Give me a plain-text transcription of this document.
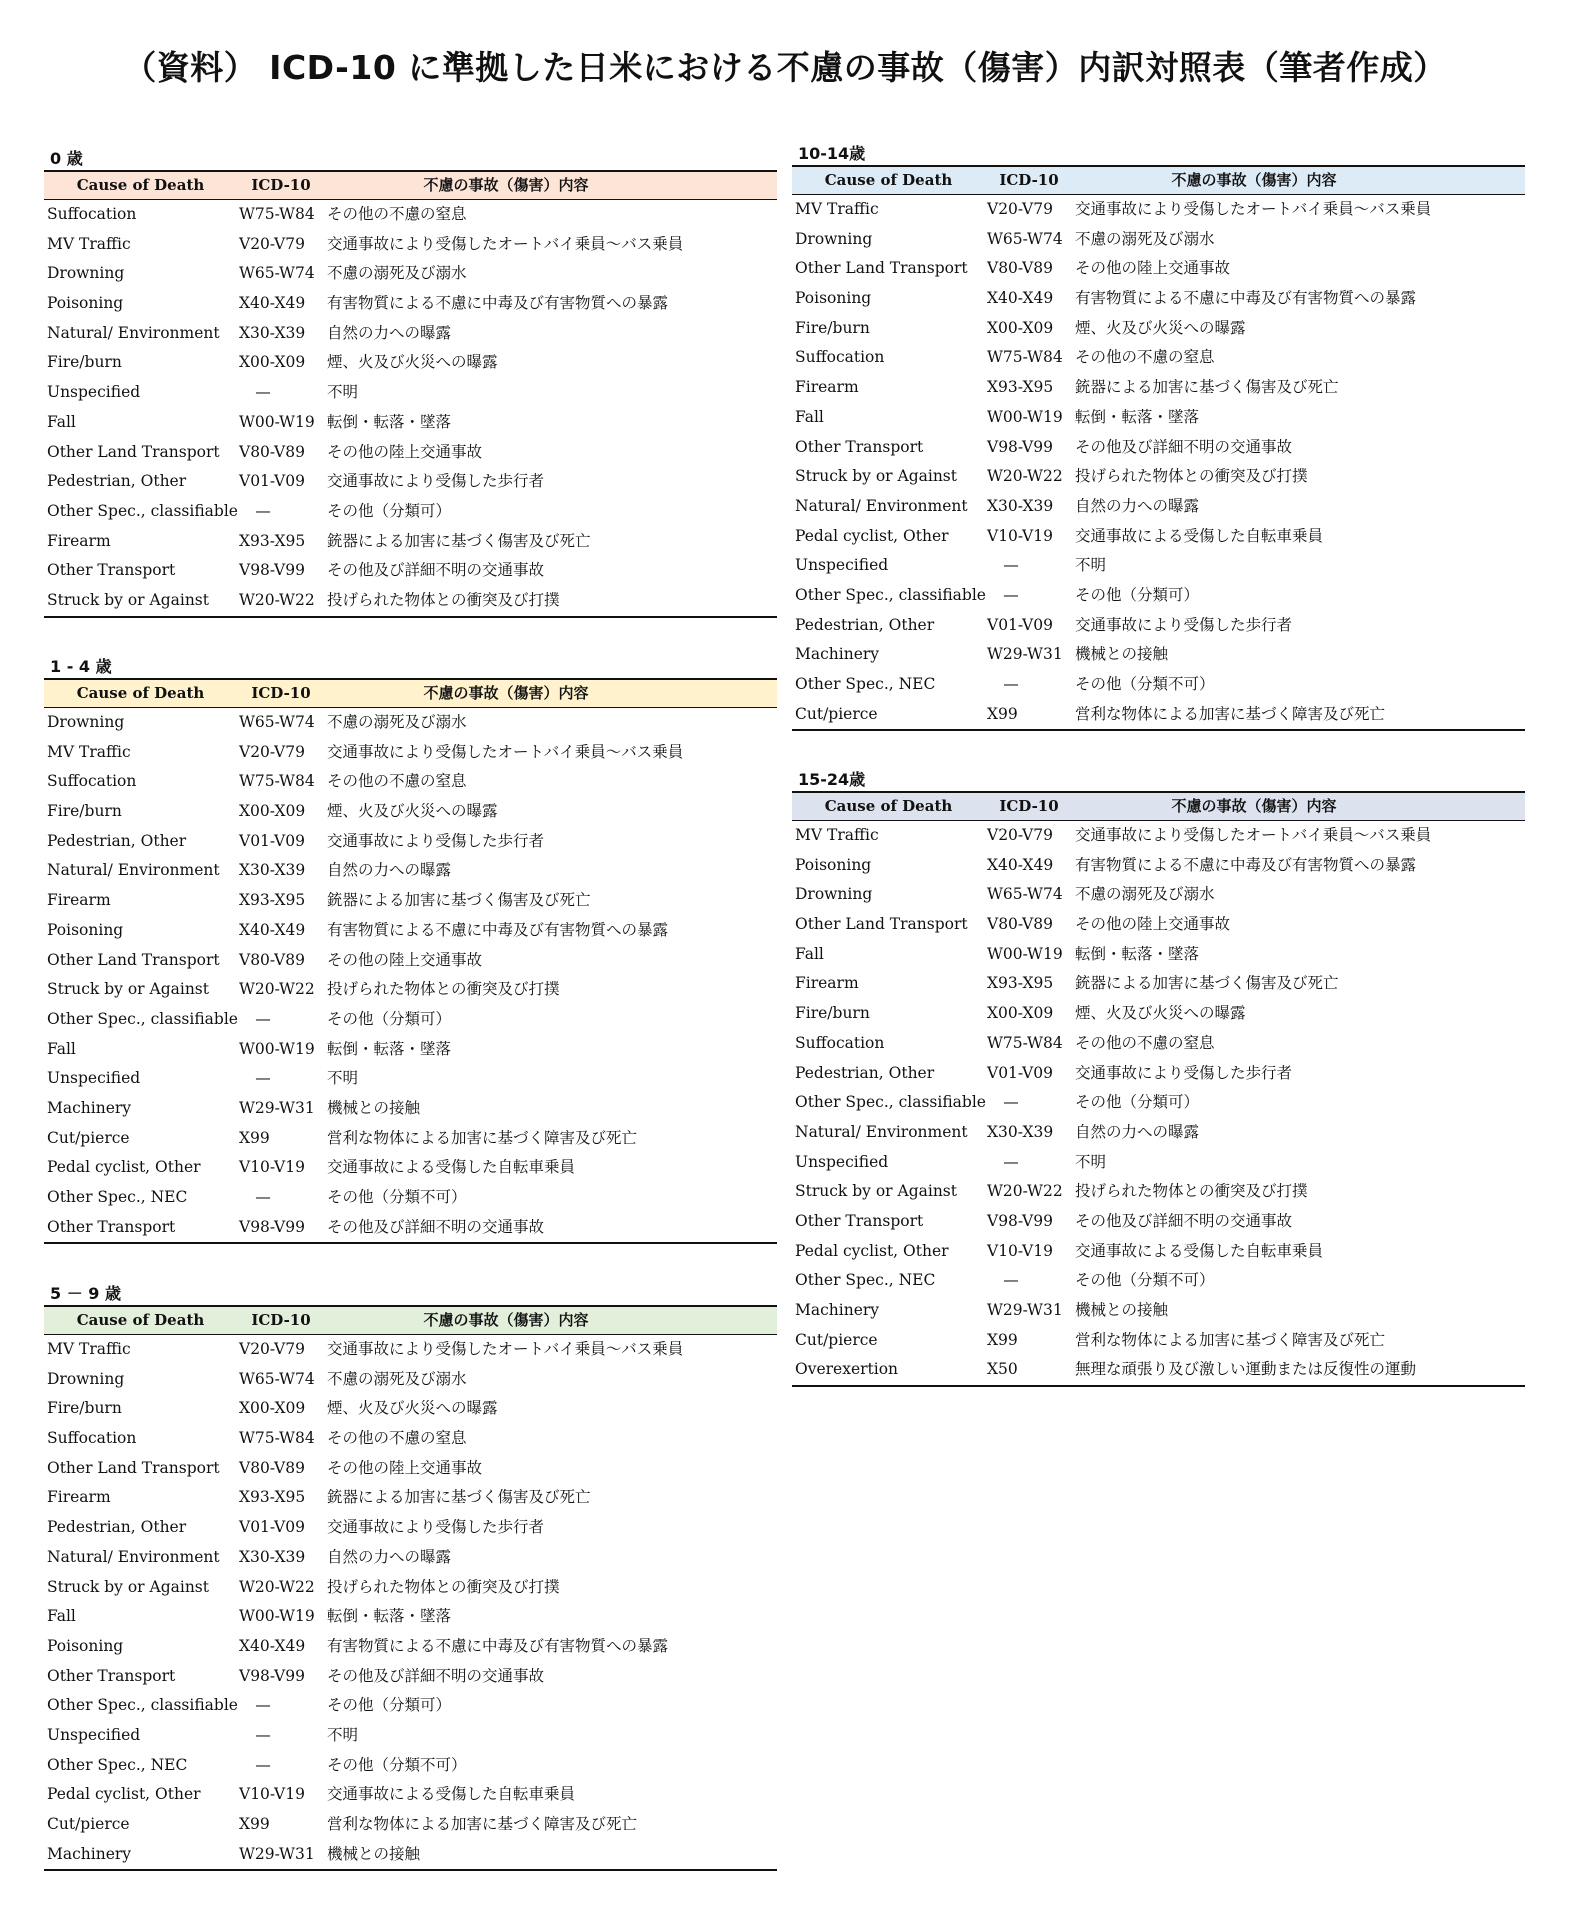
（資料） ICD-10 に準拠した日米における不慮の事故（傷害）内訳対照表（筆者作成）
0 歳
Cause of Death	ICD-10	不慮の事故（傷害）内容
Suffocation	W75-W84 その他の不慮の窒息
MV Traffic	V20-V79	交通事故により受傷したオートバイ乗員～バス乗員
Drowning	W65-W74 不慮の溺死及び溺水
Poisoning	X40-X49	有害物質による不慮に中毒及び有害物質への暴露
Natural/ Environment	X30-X39	自然の力への曝露
Fire/burn	X00-X09	煙、火及び火災への曝露
Unspecified	—	不明
Fall	W00-W19 転倒・転落・墜落
Other Land Transport	V80-V89	その他の陸上交通事故
Pedestrian, Other	V01-V09	交通事故により受傷した歩行者
Other Spec., classifiable	—	その他（分類可）
Firearm	X93-X95	銃器による加害に基づく傷害及び死亡
Other Transport	V98-V99	その他及び詳細不明の交通事故
Struck by or Against	W20-W22 投げられた物体との衝突及び打撲
1 - 4 歳
Cause of Death	ICD-10	不慮の事故（傷害）内容
Drowning	W65-W74 不慮の溺死及び溺水
MV Traffic	V20-V79	交通事故により受傷したオートバイ乗員～バス乗員
Suffocation	W75-W84 その他の不慮の窒息
Fire/burn	X00-X09	煙、火及び火災への曝露
Pedestrian, Other	V01-V09	交通事故により受傷した歩行者
Natural/ Environment	X30-X39	自然の力への曝露
Firearm	X93-X95	銃器による加害に基づく傷害及び死亡
Poisoning	X40-X49	有害物質による不慮に中毒及び有害物質への暴露
Other Land Transport	V80-V89	その他の陸上交通事故
Struck by or Against	W20-W22 投げられた物体との衝突及び打撲
Other Spec., classifiable	—	その他（分類可）
Fall	W00-W19 転倒・転落・墜落
Unspecified	—	不明
Machinery	W29-W31 機械との接触
Cut/pierce	X99	営利な物体による加害に基づく障害及び死亡
Pedal cyclist, Other	V10-V19	交通事故による受傷した自転車乗員
Other Spec., NEC	—	その他（分類不可）
Other Transport	V98-V99	その他及び詳細不明の交通事故
5 － 9 歳
Cause of Death	ICD-10	不慮の事故（傷害）内容
MV Traffic	V20-V79	交通事故により受傷したオートバイ乗員～バス乗員
Drowning	W65-W74 不慮の溺死及び溺水
Fire/burn	X00-X09	煙、火及び火災への曝露
Suffocation	W75-W84 その他の不慮の窒息
Other Land Transport	V80-V89	その他の陸上交通事故
Firearm	X93-X95	銃器による加害に基づく傷害及び死亡
Pedestrian, Other	V01-V09	交通事故により受傷した歩行者
Natural/ Environment	X30-X39	自然の力への曝露
Struck by or Against	W20-W22 投げられた物体との衝突及び打撲
Fall	W00-W19 転倒・転落・墜落
Poisoning	X40-X49	有害物質による不慮に中毒及び有害物質への暴露
Other Transport	V98-V99	その他及び詳細不明の交通事故
Other Spec., classifiable	—	その他（分類可）
Unspecified	—	不明
Other Spec., NEC	—	その他（分類不可）
Pedal cyclist, Other	V10-V19	交通事故による受傷した自転車乗員
Cut/pierce	X99	営利な物体による加害に基づく障害及び死亡
Machinery	W29-W31 機械との接触
10-14歳
Cause of Death	ICD-10	不慮の事故（傷害）内容
MV Traffic	V20-V79	交通事故により受傷したオートバイ乗員～バス乗員
Drowning	W65-W74 不慮の溺死及び溺水
Other Land Transport	V80-V89	その他の陸上交通事故
Poisoning	X40-X49	有害物質による不慮に中毒及び有害物質への暴露
Fire/burn	X00-X09	煙、火及び火災への曝露
Suffocation	W75-W84 その他の不慮の窒息
Firearm	X93-X95	銃器による加害に基づく傷害及び死亡
Fall	W00-W19 転倒・転落・墜落
Other Transport	V98-V99	その他及び詳細不明の交通事故
Struck by or Against	W20-W22 投げられた物体との衝突及び打撲
Natural/ Environment	X30-X39	自然の力への曝露
Pedal cyclist, Other	V10-V19	交通事故による受傷した自転車乗員
Unspecified	—	不明
Other Spec., classifiable	—	その他（分類可）
Pedestrian, Other	V01-V09	交通事故により受傷した歩行者
Machinery	W29-W31 機械との接触
Other Spec., NEC	—	その他（分類不可）
Cut/pierce	X99	営利な物体による加害に基づく障害及び死亡
15-24歳
Cause of Death	ICD-10	不慮の事故（傷害）内容
MV Traffic	V20-V79	交通事故により受傷したオートバイ乗員～バス乗員
Poisoning	X40-X49	有害物質による不慮に中毒及び有害物質への暴露
Drowning	W65-W74 不慮の溺死及び溺水
Other Land Transport	V80-V89	その他の陸上交通事故
Fall	W00-W19 転倒・転落・墜落
Firearm	X93-X95	銃器による加害に基づく傷害及び死亡
Fire/burn	X00-X09	煙、火及び火災への曝露
Suffocation	W75-W84 その他の不慮の窒息
Pedestrian, Other	V01-V09	交通事故により受傷した歩行者
Other Spec., classifiable	—	その他（分類可）
Natural/ Environment	X30-X39	自然の力への曝露
Unspecified	—	不明
Struck by or Against	W20-W22 投げられた物体との衝突及び打撲
Other Transport	V98-V99	その他及び詳細不明の交通事故
Pedal cyclist, Other	V10-V19	交通事故による受傷した自転車乗員
Other Spec., NEC	—	その他（分類不可）
Machinery	W29-W31 機械との接触
Cut/pierce	X99	営利な物体による加害に基づく障害及び死亡
Overexertion	X50	無理な頑張り及び激しい運動または反復性の運動
